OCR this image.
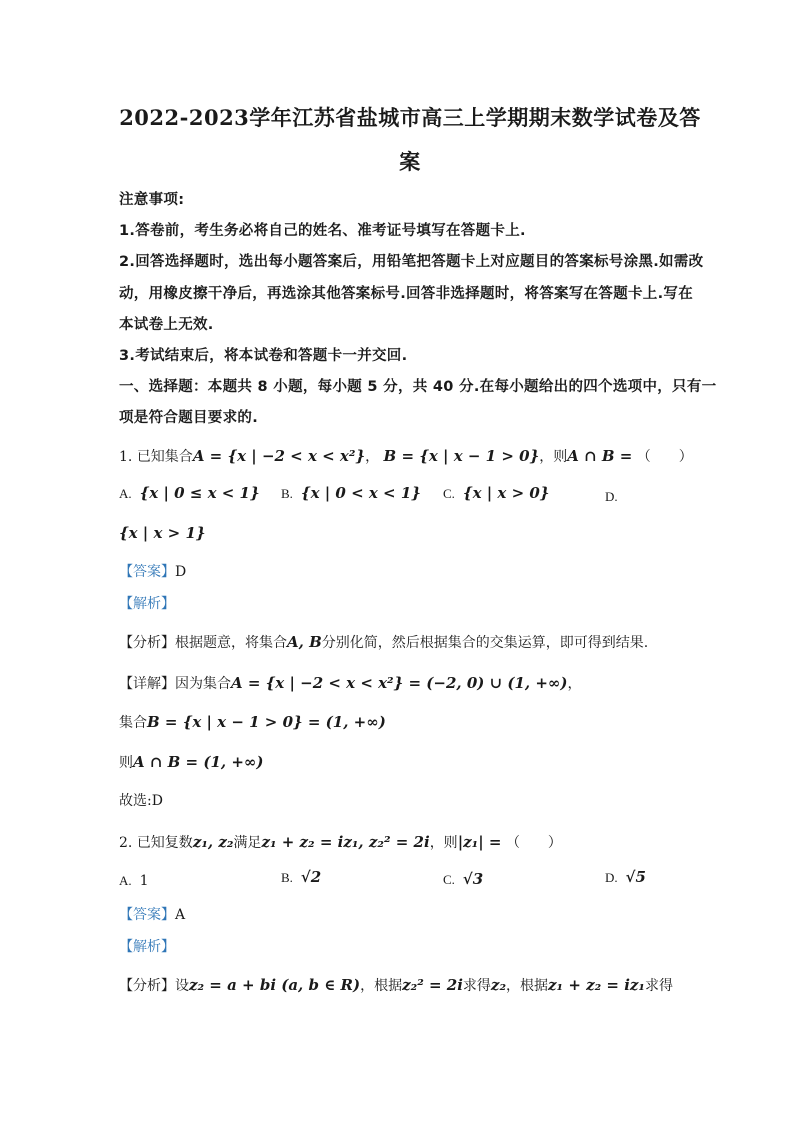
2022-2023学年江苏省盐城市高三上学期期末数学试卷及答
案
注意事项:
1.答卷前，考生务必将自己的姓名、准考证号填写在答题卡上.
2.回答选择题时，选出每小题答案后，用铅笔把答题卡上对应题目的答案标号涂黑.如需改
动，用橡皮擦干净后，再选涂其他答案标号.回答非选择题时，将答案写在答题卡上.写在
本试卷上无效.
3.考试结束后，将本试卷和答题卡一并交回.
一、选择题：本题共 8 小题，每小题 5 分，共 40 分.在每小题给出的四个选项中，只有一
项是符合题目要求的.
1. 已知集合A = {x | −2 < x < x²}， B = {x | x − 1 > 0}，则A ∩ B = （　　）
A. {x | 0 ≤ x < 1} B. {x | 0 < x < 1} C. {x | x > 0}	D.
{x | x > 1}
【答案】D
【解析】
【分析】根据题意，将集合A, B分别化简，然后根据集合的交集运算，即可得到结果.
【详解】因为集合A = {x | −2 < x < x²} = (−2, 0) ∪ (1, +∞)，
集合B = {x | x − 1 > 0} = (1, +∞)
则A ∩ B = (1, +∞)
故选:D
2. 已知复数z₁, z₂满足z₁ + z₂ = iz₁, z₂² = 2i，则|z₁| = （　　）
A. 1	B. √2	C. √3	D. √5
【答案】A
【解析】
【分析】设z₂ = a + bi (a, b ∈ R)，根据z₂² = 2i求得z₂，根据z₁ + z₂ = iz₁求得
